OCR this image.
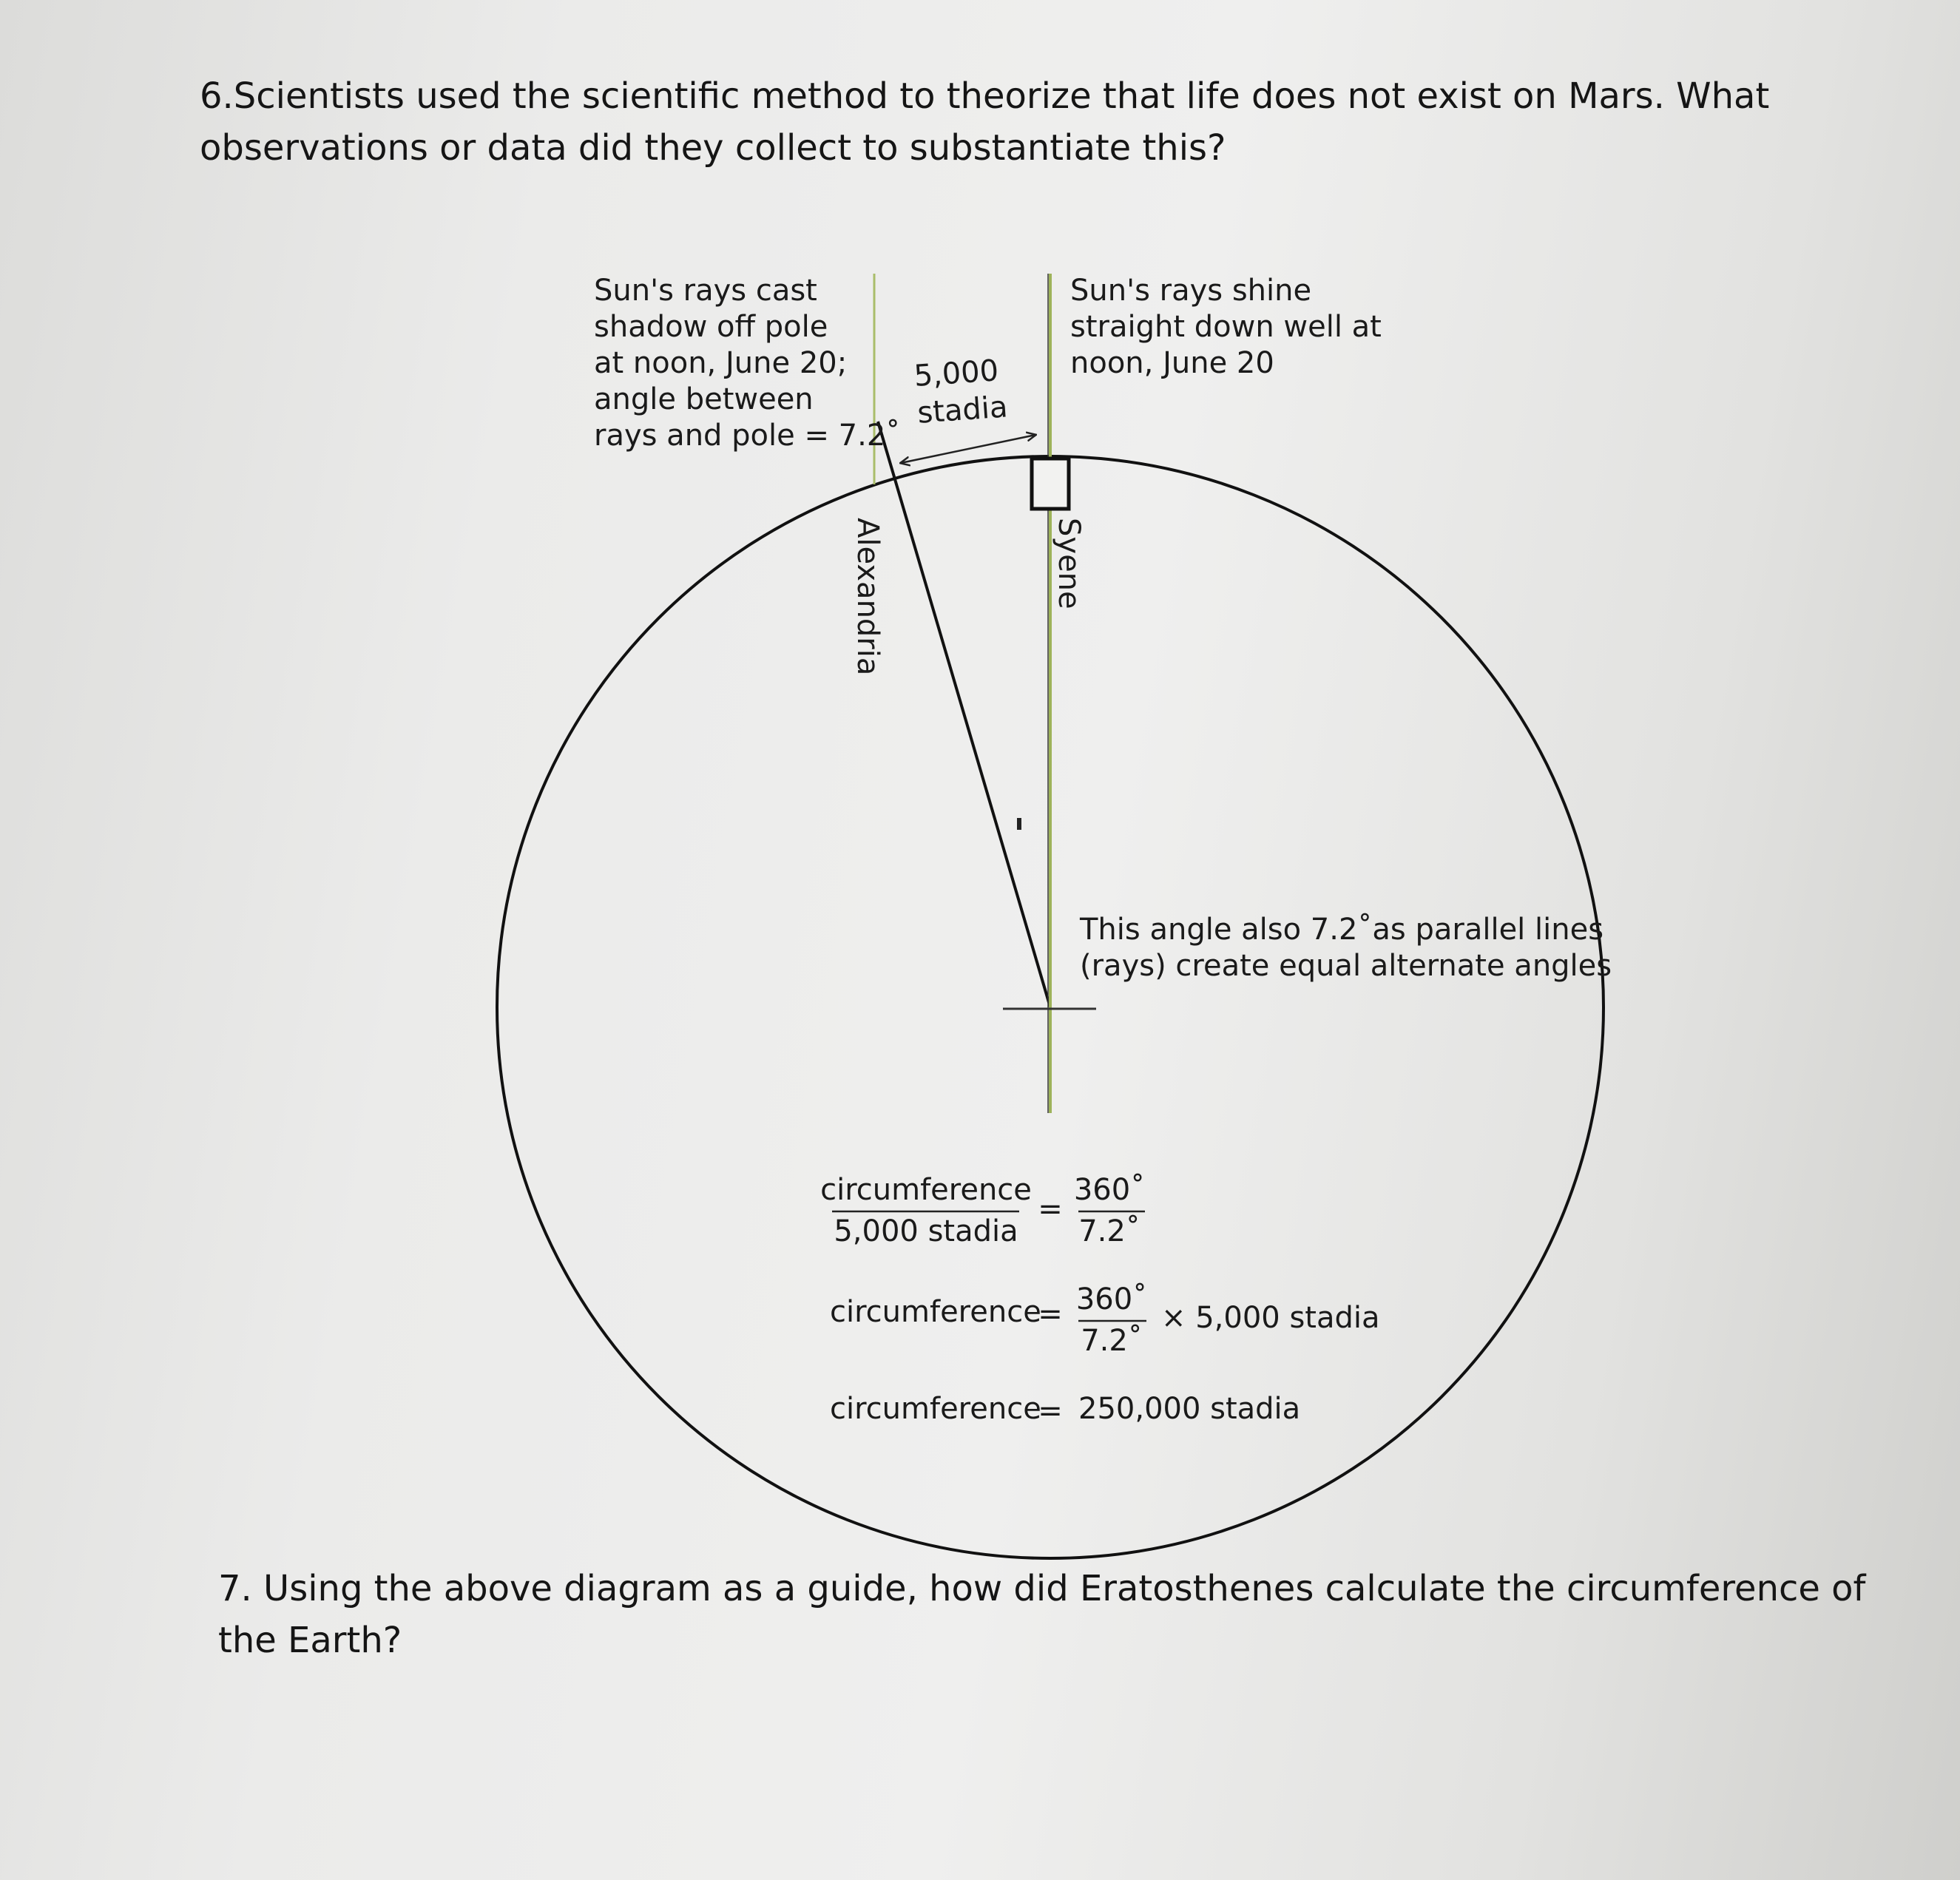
6.Scientists used the scientific method to theorize that life does not exist on Mars. What observations or data did they collect to substantiate this?

Sun's rays cast shadow off pole at noon, June 20; angle between rays and pole = 7.2˚
5,000
stadia
Sun's rays shine straight down well at noon, June 20
Alexandria	Syene
This angle also 7.2˚as parallel lines (rays) create equal alternate angles
circumference
5,000 stadia
=
360˚
7.2˚
circumference
= 360˚
7.2˚
× 5,000 stadia
circumference
= 250,000 stadia

7. Using the above diagram as a guide, how did Eratosthenes calculate the circumference of the Earth?
